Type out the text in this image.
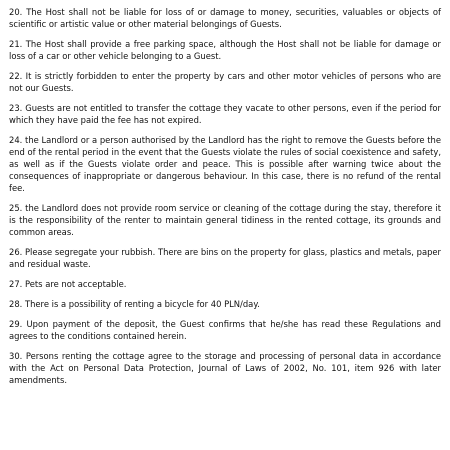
20. The Host shall not be liable for loss of or damage to money, securities, valuables or objects of scientific or artistic value or other material belongings of Guests.

21. The Host shall provide a free parking space, although the Host shall not be liable for damage or loss of a car or other vehicle belonging to a Guest.

22. It is strictly forbidden to enter the property by cars and other motor vehicles of persons who are not our Guests.

23. Guests are not entitled to transfer the cottage they vacate to other persons, even if the period for which they have paid the fee has not expired.

24. the Landlord or a person authorised by the Landlord has the right to remove the Guests before the end of the rental period in the event that the Guests violate the rules of social coexistence and safety, as well as if the Guests violate order and peace. This is possible after warning twice about the consequences of inappropriate or dangerous behaviour. In this case, there is no refund of the rental fee.

25. the Landlord does not provide room service or cleaning of the cottage during the stay, therefore it is the responsibility of the renter to maintain general tidiness in the rented cottage, its grounds and common areas.

26. Please segregate your rubbish. There are bins on the property for glass, plastics and metals, paper and residual waste.

27. Pets are not acceptable.

28. There is a possibility of renting a bicycle for 40 PLN/day.

29. Upon payment of the deposit, the Guest confirms that he/she has read these Regulations and agrees to the conditions contained herein.

30. Persons renting the cottage agree to the storage and processing of personal data in accordance with the Act on Personal Data Protection, Journal of Laws of 2002, No. 101, item 926 with later amendments.
